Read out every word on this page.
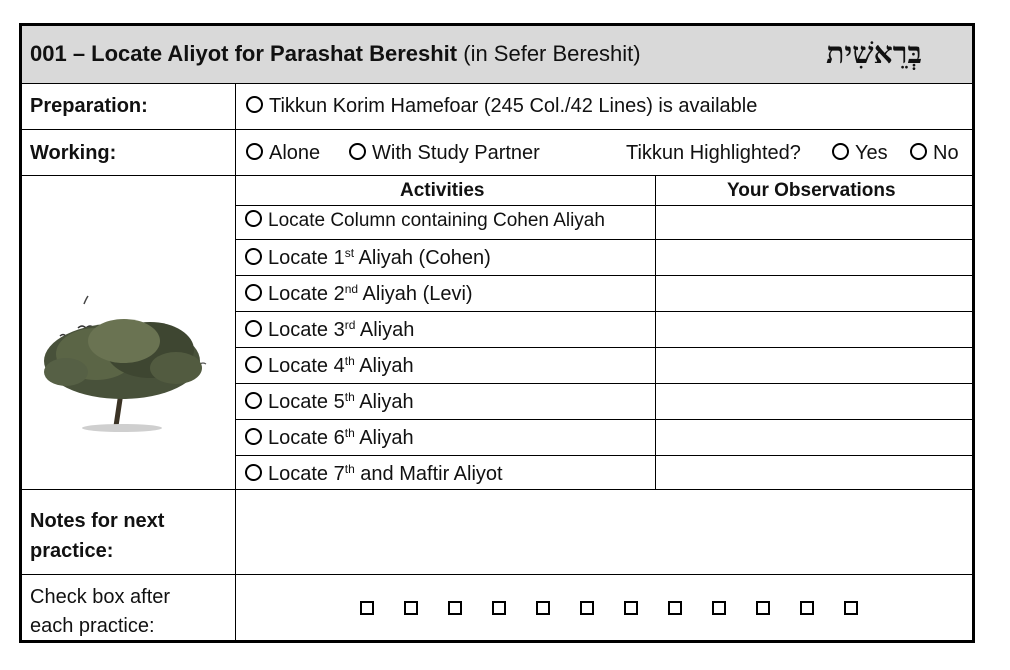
001 – Locate Aliyot for Parashat Bereshit (in Sefer Bereshit)	בְּרֵאשִׁית
Preparation:	Tikkun Korim Hamefoar (245 Col./42 Lines) is available
Working:	Alone	With Study Partner	Tikkun Highlighted?	Yes	No
Activities	Your Observations
Locate Column containing Cohen Aliyah
Locate 1st Aliyah (Cohen)
Locate 2nd Aliyah (Levi)
Locate 3rd Aliyah
Locate 4th Aliyah
Locate 5th Aliyah
Locate 6th Aliyah
Locate 7th and Maftir Aliyot
Notes for next
practice:
Check box after
each practice:
